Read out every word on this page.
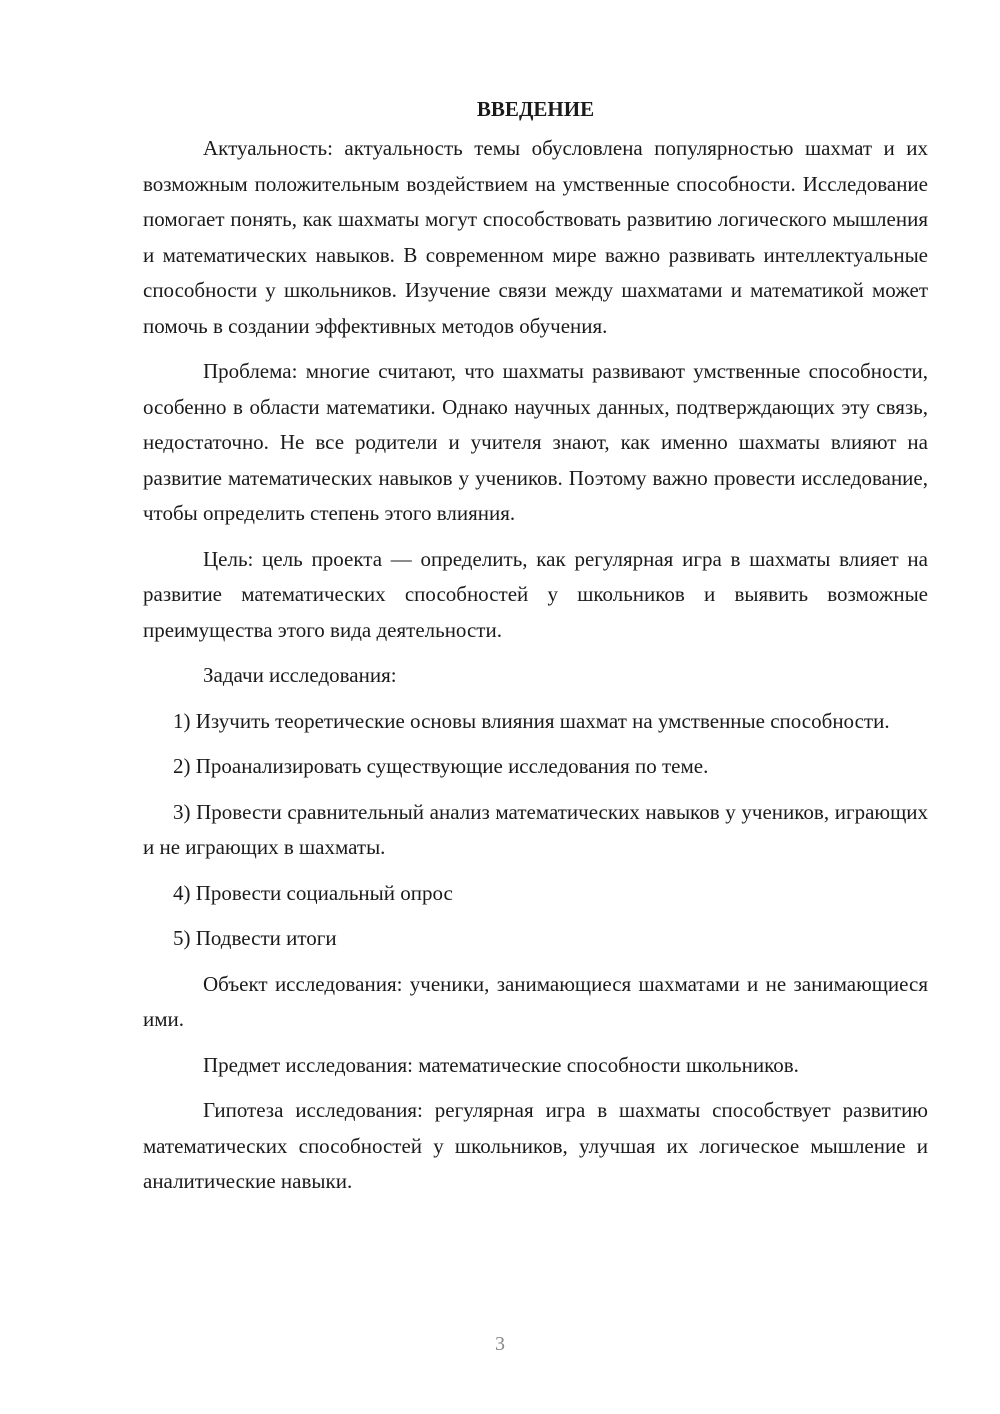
ВВЕДЕНИЕ
Актуальность: актуальность темы обусловлена популярностью шахмат и их возможным положительным воздействием на умственные способности. Исследование помогает понять, как шахматы могут способствовать развитию логического мышления и математических навыков. В современном мире важно развивать интеллектуальные способности у школьников. Изучение связи между шахматами и математикой может помочь в создании эффективных методов обучения.
Проблема: многие считают, что шахматы развивают умственные способности, особенно в области математики. Однако научных данных, подтверждающих эту связь, недостаточно. Не все родители и учителя знают, как именно шахматы влияют на развитие математических навыков у учеников. Поэтому важно провести исследование, чтобы определить степень этого влияния.
Цель: цель проекта — определить, как регулярная игра в шахматы влияет на развитие математических способностей у школьников и выявить возможные преимущества этого вида деятельности.
Задачи исследования:
1) Изучить теоретические основы влияния шахмат на умственные способности.
2) Проанализировать существующие исследования по теме.
3) Провести сравнительный анализ математических навыков у учеников, играющих и не играющих в шахматы.
4) Провести социальный опрос
5) Подвести итоги
Объект исследования: ученики, занимающиеся шахматами и не занимающиеся ими.
Предмет исследования: математические способности школьников.
Гипотеза исследования: регулярная игра в шахматы способствует развитию математических способностей у школьников, улучшая их логическое мышление и аналитические навыки.
3
